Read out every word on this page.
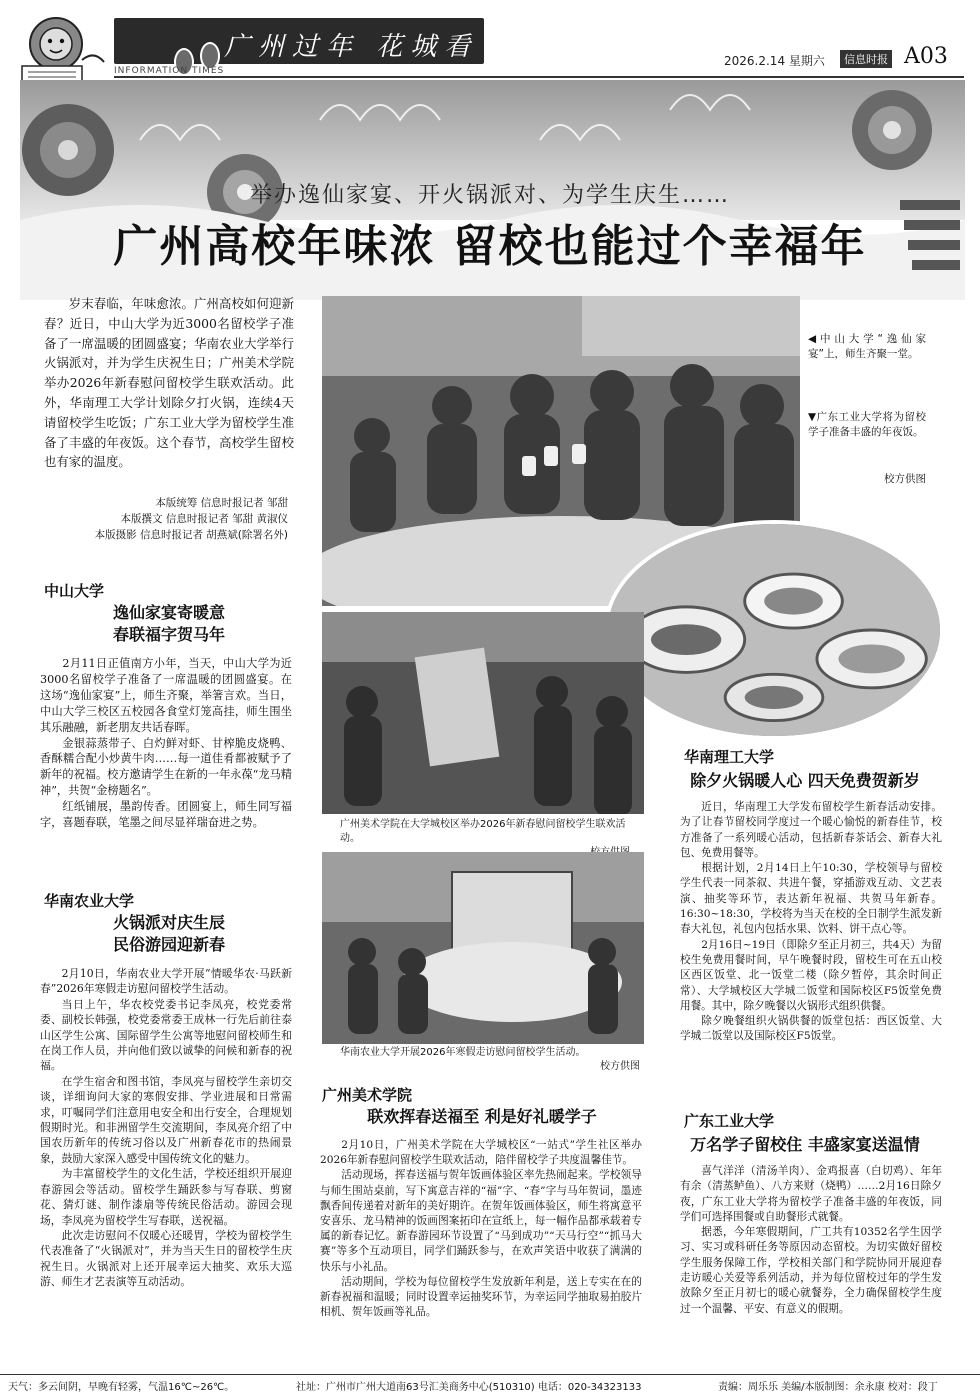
广州过年 花城看
INFORMATION TIMES
2026.2.14 星期六	信息时报 A03
举办逸仙家宴、开火锅派对、为学生庆生……
广州高校年味浓 留校也能过个幸福年

岁末春临，年味愈浓。广州高校如何迎新春？近日，中山大学为近3000名留校学子准备了一席温暖的团圆盛宴；华南农业大学举行火锅派对，并为学生庆祝生日；广州美术学院举办2026年新春慰问留校学生联欢活动。此外，华南理工大学计划除夕打火锅，连续4天请留校学生吃饭；广东工业大学为留校学生准备了丰盛的年夜饭。这个春节，高校学生留校也有家的温度。

本版统筹 信息时报记者 邹甜
本版撰文 信息时报记者 邹甜 黄淑仪
本版摄影 信息时报记者 胡燕斌(除署名外)
中山大学
逸仙家宴寄暖意
春联福字贺马年

2月11日正值南方小年，当天，中山大学为近3000名留校学子准备了一席温暖的团圆盛宴。在这场“逸仙家宴”上，师生齐聚，举箸言欢。当日，中山大学三校区五校园各食堂灯笼高挂，师生围坐其乐融融，新老朋友共话春晖。

金银蒜蒸带子、白灼鲜对虾、甘榨脆皮烧鸭、香酥糯合配小炒黄牛肉……每一道佳肴都被赋予了新年的祝福。校方邀请学生在新的一年永葆“龙马精神”，共贺“金榜题名”。

红纸铺展，墨韵传香。团圆宴上，师生同写福字，喜题春联，笔墨之间尽显祥瑞奋进之势。

华南农业大学
火锅派对庆生辰
民俗游园迎新春

2月10日，华南农业大学开展“情暖华农·马跃新春”2026年寒假走访慰问留校学生活动。

当日上午，华农校党委书记李凤亮，校党委常委、副校长韩强，校党委常委王成林一行先后前往泰山区学生公寓、国际留学生公寓等地慰问留校师生和在岗工作人员，并向他们致以诚挚的问候和新春的祝福。

在学生宿舍和图书馆，李凤亮与留校学生亲切交谈，详细询问大家的寒假安排、学业进展和日常需求，叮嘱同学们注意用电安全和出行安全，合理规划假期时光。和非洲留学生交流期间，李凤亮介绍了中国农历新年的传统习俗以及广州新春花市的热闹景象，鼓励大家深入感受中国传统文化的魅力。

为丰富留校学生的文化生活，学校还组织开展迎春游园会等活动。留校学生踊跃参与写春联、剪窗花、猜灯谜、制作漆扇等传统民俗活动。游园会现场，李凤亮为留校学生写春联，送祝福。

此次走访慰问不仅暖心还暖胃，学校为留校学生代表准备了“火锅派对”，并为当天生日的留校学生庆祝生日。火锅派对上还开展幸运大抽奖、欢乐大巡游、师生才艺表演等互动活动。

◀中山大学“逸仙家宴”上，师生齐聚一堂。
▼广东工业大学将为留校学子准备丰盛的年夜饭。
校方供图
广州美术学院在大学城校区举办2026年新春慰问留校学生联欢活动。
华南农业大学开展2026年寒假走访慰问留校学生活动。
校方供图
广州美术学院
联欢挥春送福至 利是好礼暖学子

2月10日，广州美术学院在大学城校区“一站式”学生社区举办2026年新春慰问留校学生联欢活动，陪伴留校学子共度温馨佳节。

活动现场，挥春送福与贺年饭画体验区率先热闹起来。学校领导与师生围站桌前，写下寓意吉祥的“福”字、“春”字与马年贺词，墨迹飘香间传递着对新年的美好期许。在贺年饭画体验区，师生将寓意平安喜乐、龙马精神的饭画图案拓印在宣纸上，每一幅作品都承载着专属的新春记忆。新春游园环节设置了“马到成功”“天马行空”“抓马大赛”等多个互动项目，同学们踊跃参与，在欢声笑语中收获了满满的快乐与小礼品。

活动期间，学校为每位留校学生发放新年利是，送上专实在在的新春祝福和温暖；同时设置幸运抽奖环节，为幸运同学抽取易拍胶片相机、贺年饭画等礼品。

华南理工大学
除夕火锅暖人心 四天免费贺新岁

近日，华南理工大学发布留校学生新春活动安排。为了让春节留校同学度过一个暖心愉悦的新春佳节，校方准备了一系列暖心活动，包括新春茶话会、新春大礼包、免费用餐等。

根据计划，2月14日上午10:30，学校领导与留校学生代表一同茶叙、共进午餐，穿插游戏互动、文艺表演、抽奖等环节，表达新年祝福、共贺马年新春。16:30~18:30，学校将为当天在校的全日制学生派发新春大礼包，礼包内包括水果、饮料、饼干点心等。

2月16日~19日（即除夕至正月初三，共4天）为留校生免费用餐时间，早午晚餐时段，留校生可在五山校区西区饭堂、北一饭堂二楼（除夕暂停，其余时间正常）、大学城校区大学城二饭堂和国际校区F5饭堂免费用餐。其中，除夕晚餐以火锅形式组织供餐。

除夕晚餐组织火锅供餐的饭堂包括：西区饭堂、大学城二饭堂以及国际校区F5饭堂。

广东工业大学
万名学子留校住 丰盛家宴送温情

喜气洋洋（清汤羊肉）、金鸡报喜（白切鸡）、年年有余（清蒸鲈鱼）、八方来财（烧鸭）……2月16日除夕夜，广东工业大学将为留校学子准备丰盛的年夜饭，同学们可选择围餐或自助餐形式就餐。

据悉，今年寒假期间，广工共有10352名学生因学习、实习或科研任务等原因动态留校。为切实做好留校学生服务保障工作，学校相关部门和学院协同开展迎春走访暖心关爱等系列活动，并为每位留校过年的学生发放除夕至正月初七的暖心就餐券，全力确保留校学生度过一个温馨、平安、有意义的假期。

天气：多云间阴，早晚有轻雾，气温16℃~26℃。	社址：广州市广州大道南63号汇美商务中心(510310) 电话：020-34323133	责编：周乐乐 美编/本版制图：余永康 校对：段丁
